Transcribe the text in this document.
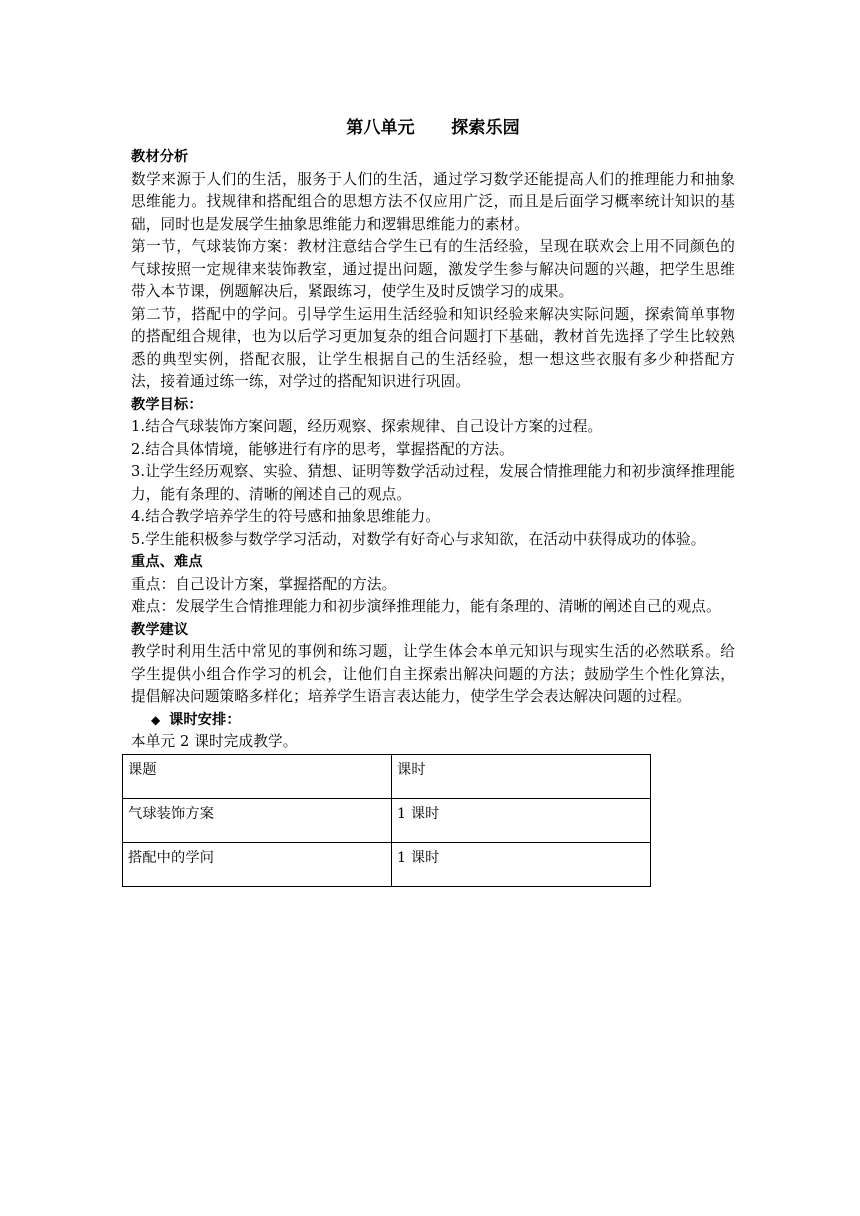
第八单元      探索乐园
教材分析

数学来源于人们的生活，服务于人们的生活，通过学习数学还能提高人们的推理能力和抽象思维能力。找规律和搭配组合的思想方法不仅应用广泛，而且是后面学习概率统计知识的基础，同时也是发展学生抽象思维能力和逻辑思维能力的素材。

第一节，气球装饰方案：教材注意结合学生已有的生活经验，呈现在联欢会上用不同颜色的气球按照一定规律来装饰教室，通过提出问题，激发学生参与解决问题的兴趣，把学生思维带入本节课，例题解决后，紧跟练习，使学生及时反馈学习的成果。

第二节，搭配中的学问。引导学生运用生活经验和知识经验来解决实际问题，探索简单事物的搭配组合规律，也为以后学习更加复杂的组合问题打下基础，教材首先选择了学生比较熟悉的典型实例，搭配衣服，让学生根据自己的生活经验，想一想这些衣服有多少种搭配方法，接着通过练一练，对学过的搭配知识进行巩固。

教学目标：

1.结合气球装饰方案问题，经历观察、探索规律、自己设计方案的过程。

2.结合具体情境，能够进行有序的思考，掌握搭配的方法。

3.让学生经历观察、实验、猜想、证明等数学活动过程，发展合情推理能力和初步演绎推理能力，能有条理的、清晰的阐述自己的观点。

4.结合教学培养学生的符号感和抽象思维能力。

5.学生能积极参与数学学习活动，对数学有好奇心与求知欲，在活动中获得成功的体验。

重点、难点

重点：自己设计方案，掌握搭配的方法。

难点：发展学生合情推理能力和初步演绎推理能力，能有条理的、清晰的阐述自己的观点。

教学建议

教学时利用生活中常见的事例和练习题，让学生体会本单元知识与现实生活的必然联系。给学生提供小组合作学习的机会，让他们自主探索出解决问题的方法；鼓励学生个性化算法，提倡解决问题策略多样化；培养学生语言表达能力，使学生学会表达解决问题的过程。

◆ 课时安排：

本单元 2 课时完成教学。

课题	课时
气球装饰方案	1 课时
搭配中的学问	1 课时
